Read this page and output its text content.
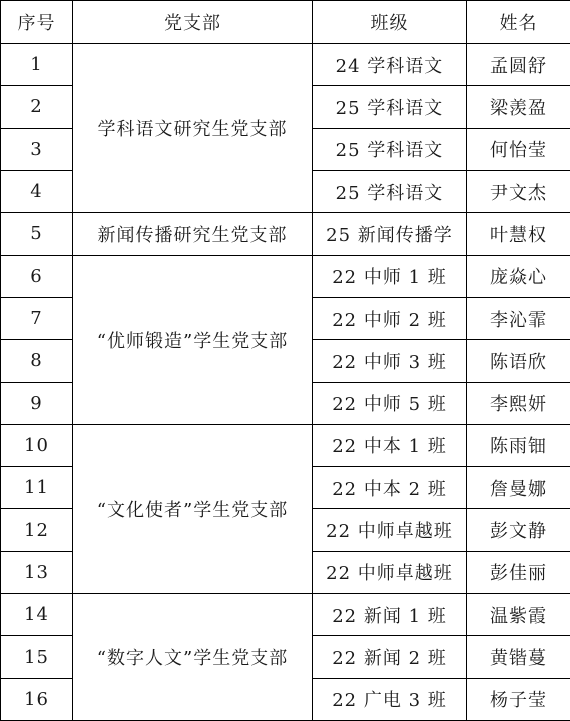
序号	党支部	班级	姓名
1	学科语文研究生党支部	24 学科语文	孟圆舒
2		25 学科语文	梁羡盈
3		25 学科语文	何怡莹
4		25 学科语文	尹文杰
5	新闻传播研究生党支部	25 新闻传播学	叶慧权
6	“优师锻造”学生党支部	22 中师 1 班	庞焱心
7		22 中师 2 班	李沁霏
8		22 中师 3 班	陈语欣
9		22 中师 5 班	李熙妍
10	“文化使者”学生党支部	22 中本 1 班	陈雨钿
11		22 中本 2 班	詹曼娜
12		22 中师卓越班	彭文静
13		22 中师卓越班	彭佳丽
14	“数字人文”学生党支部	22 新闻 1 班	温紫霞
15		22 新闻 2 班	黄锴蔓
16		22 广电 3 班	杨子莹
